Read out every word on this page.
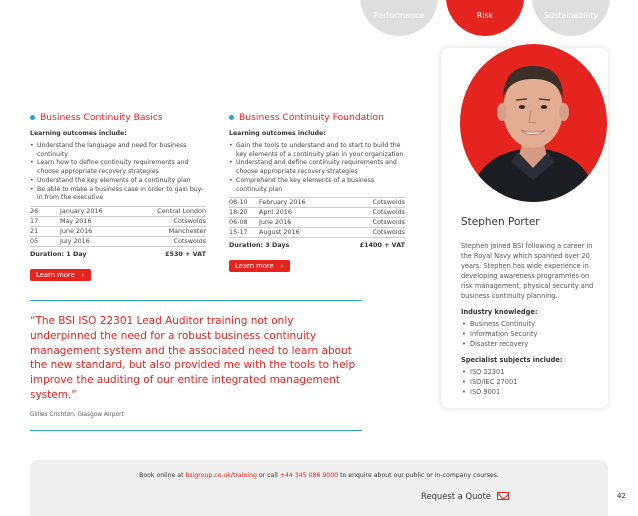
Performance	Risk	Sustainability
Business Continuity Basics
Learning outcomes include:
• Understand the language and need for business continuity
• Learn how to define continuity requirements and choose appropriate recovery strategies
• Understand the key elements of a continuity plan
• Be able to make a business case in order to gain buy-in from the executive
26	January 2016	Central London
17	May 2016	Cotswolds
21	June 2016	Manchester
05	July 2016	Cotswolds
Duration: 1 Day	£530 + VAT
Learn more ›
Business Continuity Foundation
Learning outcomes include:
• Gain the tools to understand and to start to build the key elements of a continuity plan in your organization
• Understand and define continuity requirements and choose appropriate recovery strategies
• Comprehend the key elements of a business continuity plan
08-10	February 2016	Cotswolds
18-20	April 2016	Cotswolds
06-08	June 2016	Cotswolds
15-17	August 2016	Cotswolds
Duration: 3 Days	£1400 + VAT
Learn more ›
“The BSI ISO 22301 Lead Auditor training not only underpinned the need for a robust business continuity management system and the associated need to learn about the new standard, but also provided me with the tools to help improve the auditing of our entire integrated management system.”
Gillies Crichton, Glasgow Airport
Stephen Porter
Stephen joined BSI following a career in the Royal Navy which spanned over 20 years. Stephen has wide experience in developing awareness programmes on risk management, physical security and business continuity planning.
Industry knowledge:
• Business Continuity
• Information Security
• Disaster recovery
Specialist subjects include:
• ISO 22301
• ISO/IEC 27001
• ISO 9001
Book online at bsigroup.co.uk/training or call +44 345 086 9000 to enquire about our public or in-company courses.
Request a Quote	42
